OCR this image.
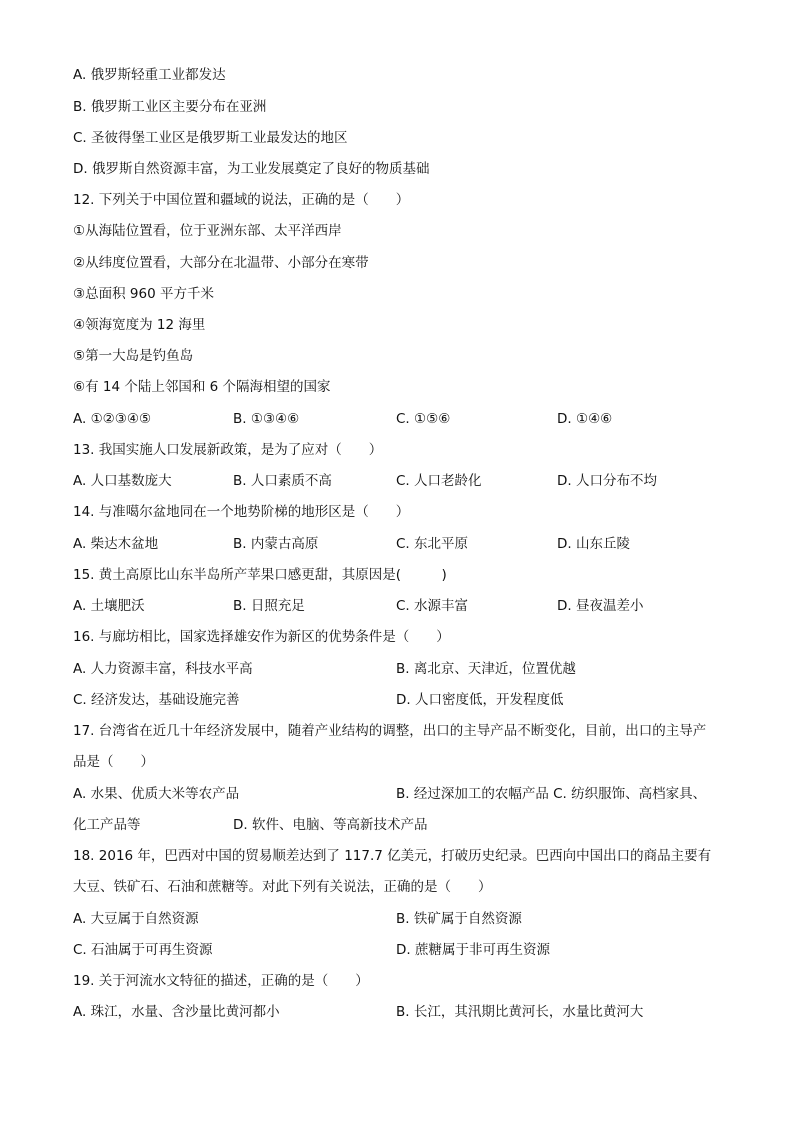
A. 俄罗斯轻重工业都发达
B. 俄罗斯工业区主要分布在亚洲
C. 圣彼得堡工业区是俄罗斯工业最发达的地区
D. 俄罗斯自然资源丰富，为工业发展奠定了良好的物质基础
12. 下列关于中国位置和疆域的说法，正确的是（　　）
①从海陆位置看，位于亚洲东部、太平洋西岸
②从纬度位置看，大部分在北温带、小部分在寒带
③总面积 960 平方千米
④领海宽度为 12 海里
⑤第一大岛是钓鱼岛
⑥有 14 个陆上邻国和 6 个隔海相望的国家
A. ①②③④⑤	B. ①③④⑥	C. ①⑤⑥	D. ①④⑥
13. 我国实施人口发展新政策，是为了应对（　　）
A. 人口基数庞大	B. 人口素质不高	C. 人口老龄化	D. 人口分布不均
14. 与准噶尔盆地同在一个地势阶梯的地形区是（　　）
A. 柴达木盆地	B. 内蒙古高原	C. 东北平原	D. 山东丘陵
15. 黄土高原比山东半岛所产苹果口感更甜，其原因是(　　　)
A. 土壤肥沃	B. 日照充足	C. 水源丰富	D. 昼夜温差小
16. 与廊坊相比，国家选择雄安作为新区的优势条件是（　　）
A. 人力资源丰富，科技水平高	B. 离北京、天津近，位置优越
C. 经济发达，基础设施完善	D. 人口密度低，开发程度低
17. 台湾省在近几十年经济发展中，随着产业结构的调整，出口的主导产品不断变化，目前，出口的主导产
品是（　　）
A. 水果、优质大米等农产品	B. 经过深加工的农幅产品 C. 纺织服饰、高档家具、
化工产品等	D. 软件、电脑、等高新技术产品
18. 2016 年，巴西对中国的贸易顺差达到了 117.7 亿美元，打破历史纪录。巴西向中国出口的商品主要有
大豆、铁矿石、石油和蔗糖等。对此下列有关说法，正确的是（　　）
A. 大豆属于自然资源	B. 铁矿属于自然资源
C. 石油属于可再生资源	D. 蔗糖属于非可再生资源
19. 关于河流水文特征的描述，正确的是（　　）
A. 珠江，水量、含沙量比黄河都小	B. 长江，其汛期比黄河长，水量比黄河大
